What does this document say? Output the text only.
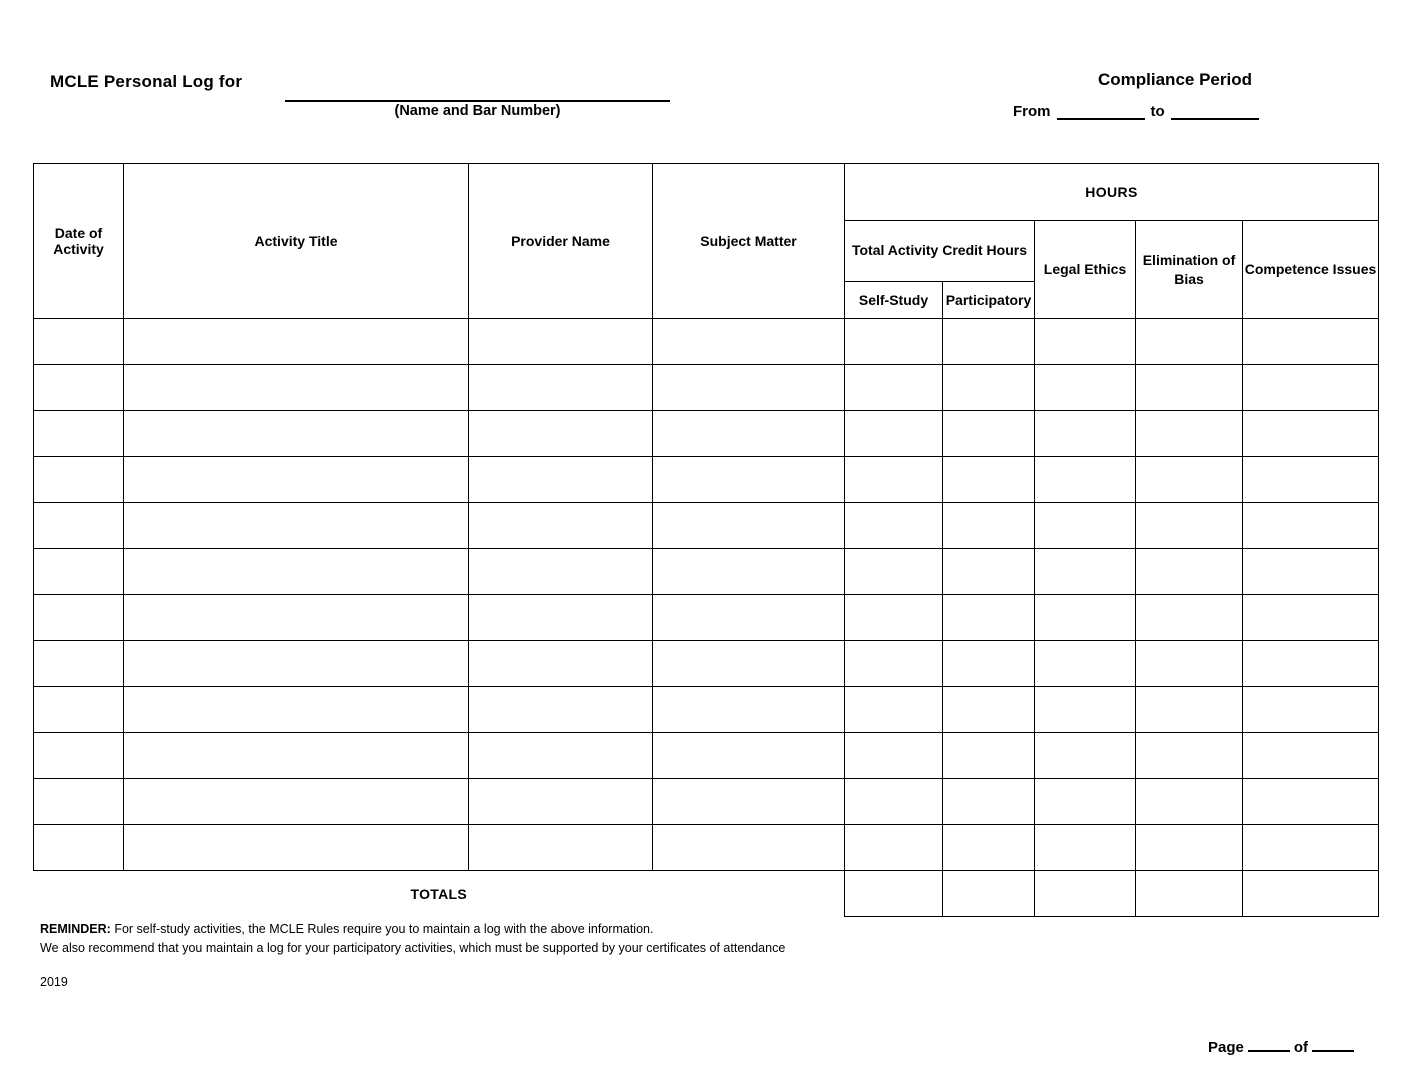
MCLE Personal Log for
(Name and Bar Number)
Compliance Period
From	to
Date of Activity	Activity Title	Provider Name	Subject Matter	HOURS				
				Total Activity Credit Hours		Legal Ethics	Elimination of Bias	Competence Issues
				Self-Study	Participatory			

TOTALS								
REMINDER: For self-study activities, the MCLE Rules require you to maintain a log with the above information.
We also recommend that you maintain a log for your participatory activities, which must be supported by your certificates of attendance
2019
Page	of
